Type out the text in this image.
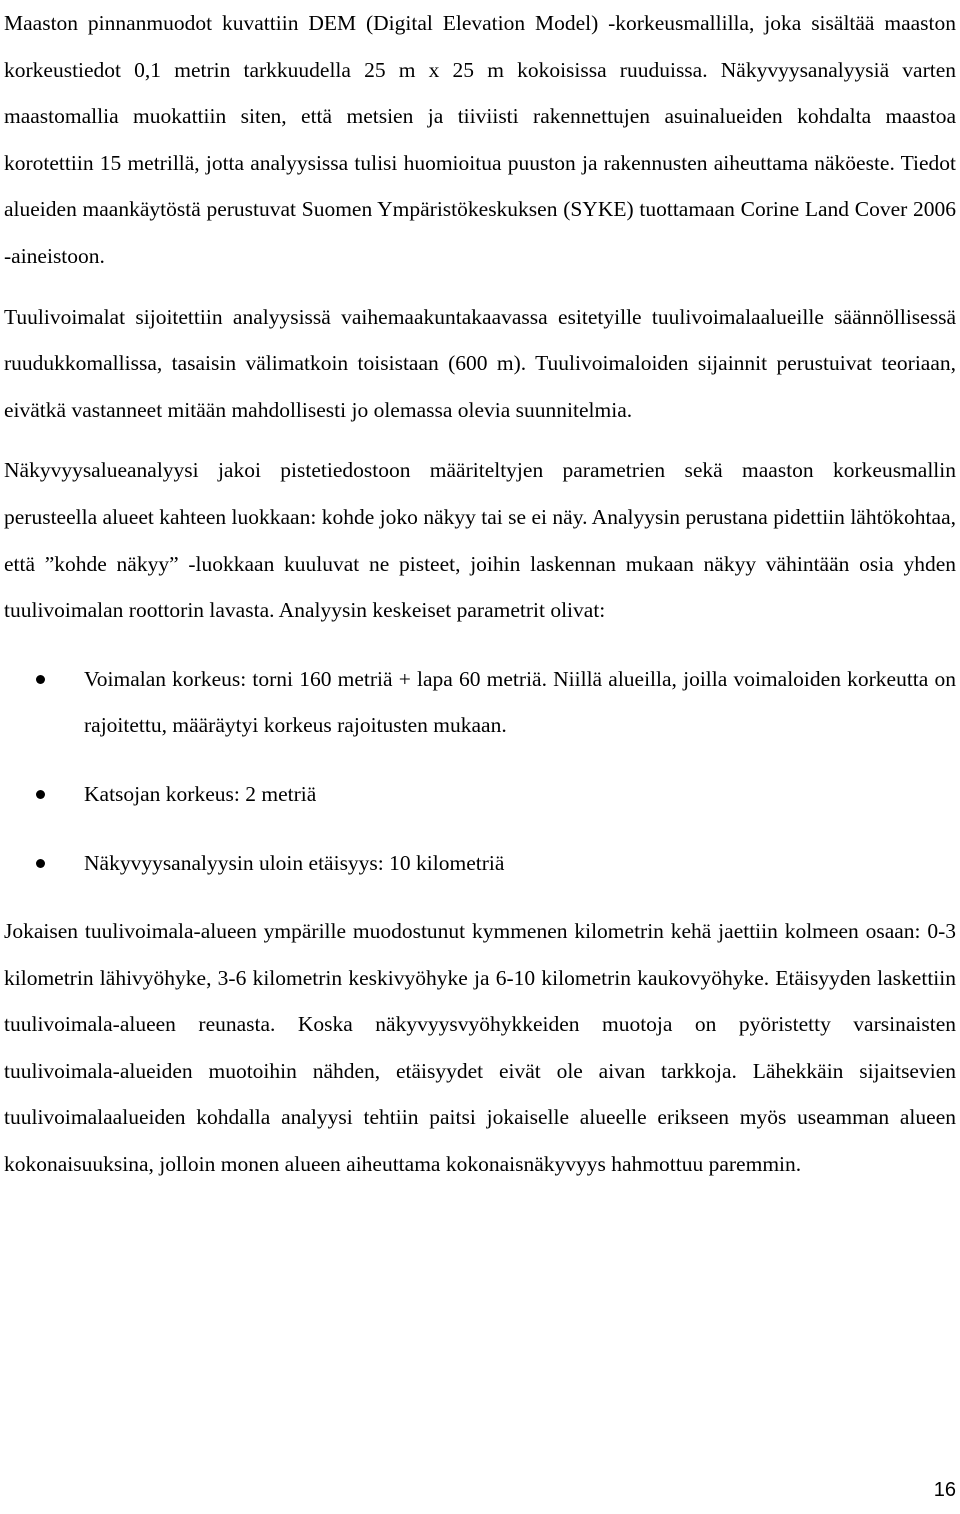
Maaston pinnanmuodot kuvattiin DEM (Digital Elevation Model) -korkeusmallilla, joka sisältää maaston korkeustiedot 0,1 metrin tarkkuudella 25 m x 25 m kokoisissa ruuduissa. Näkyvyysanalyysiä varten maastomallia muokattiin siten, että metsien ja tiiviisti rakennettujen asuinalueiden kohdalta maastoa korotettiin 15 metrillä, jotta analyysissa tulisi huomioitua puuston ja rakennusten aiheuttama näköeste. Tiedot alueiden maankäytöstä perustuvat Suomen Ympäristökeskuksen (SYKE) tuottamaan Corine Land Cover 2006 -aineistoon.

Tuulivoimalat sijoitettiin analyysissä vaihemaakuntakaavassa esitetyille tuulivoimalaalueille säännöllisessä ruudukkomallissa, tasaisin välimatkoin toisistaan (600 m). Tuulivoimaloiden sijainnit perustuivat teoriaan, eivätkä vastanneet mitään mahdollisesti jo olemassa olevia suunnitelmia.

Näkyvyysalueanalyysi jakoi pistetiedostoon määriteltyjen parametrien sekä maaston korkeusmallin perusteella alueet kahteen luokkaan: kohde joko näkyy tai se ei näy. Analyysin perustana pidettiin lähtökohtaa, että ”kohde näkyy” -luokkaan kuuluvat ne pisteet, joihin laskennan mukaan näkyy vähintään osia yhden tuulivoimalan roottorin lavasta. Analyysin keskeiset parametrit olivat:

Voimalan korkeus: torni 160 metriä + lapa 60 metriä. Niillä alueilla, joilla voimaloiden korkeutta on rajoitettu, määräytyi korkeus rajoitusten mukaan.
Katsojan korkeus: 2 metriä
Näkyvyysanalyysin uloin etäisyys: 10 kilometriä

Jokaisen tuulivoimala-alueen ympärille muodostunut kymmenen kilometrin kehä jaettiin kolmeen osaan: 0-3 kilometrin lähivyöhyke, 3-6 kilometrin keskivyöhyke ja 6-10 kilometrin kaukovyöhyke. Etäisyyden laskettiin tuulivoimala-alueen reunasta. Koska näkyvyysvyöhykkeiden muotoja on pyöristetty varsinaisten tuulivoimala-alueiden muotoihin nähden, etäisyydet eivät ole aivan tarkkoja. Lähekkäin sijaitsevien tuulivoimalaalueiden kohdalla analyysi tehtiin paitsi jokaiselle alueelle erikseen myös useamman alueen kokonaisuuksina, jolloin monen alueen aiheuttama kokonaisnäkyvyys hahmottuu paremmin.

16
